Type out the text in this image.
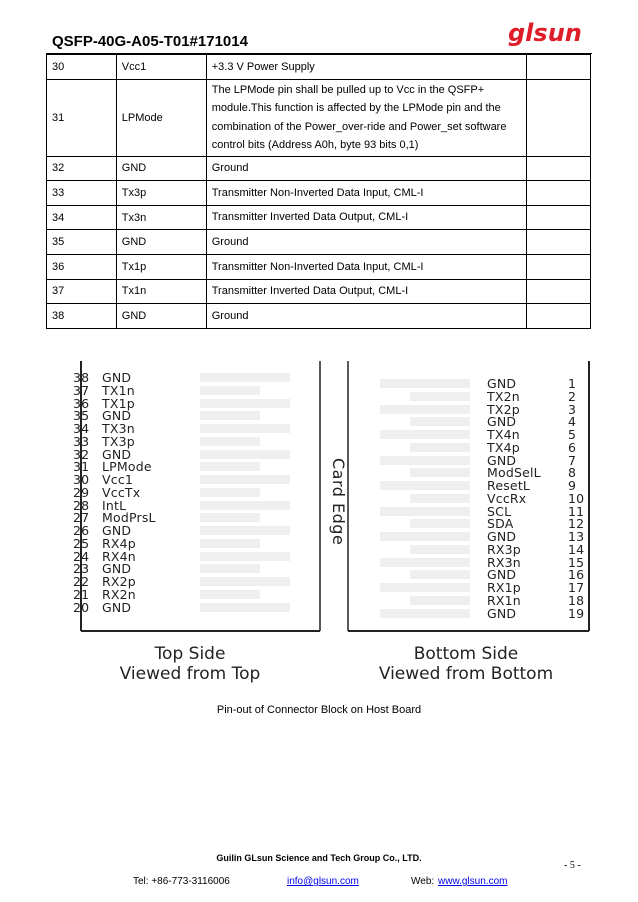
QSFP-40G-A05-T01#171014	glsun
30	Vcc1	+3.3 V Power Supply	
31	LPMode	The LPMode pin shall be pulled up to Vcc in the QSFP+ module.This function is affected by the LPMode pin and the combination of the Power_over-ride and Power_set software control bits (Address A0h, byte 93 bits 0,1)	
32	GND	Ground	
33	Tx3p	Transmitter Non-Inverted Data Input, CML-I	
34	Tx3n	Transmitter Inverted Data Output, CML-I	
35	GND	Ground	
36	Tx1p	Transmitter Non-Inverted Data Input, CML-I	
37	Tx1n	Transmitter Inverted Data Output, CML-I	
38	GND	Ground	
38 GND
37 TX1n
36 TX1p
35 GND
34 TX3n
33 TX3p
32 GND
31 LPMode
30 Vcc1
29 VccTx
28 IntL
27 ModPrsL
26 GND
25 RX4p
24 RX4n
23 GND
22 RX2p
21 RX2n
20 GND
GND	1
TX2n	2
TX2p	3
GND	4
TX4n	5
TX4p	6
GND	7
ModSelL 8
ResetL	9
VccRx	10
SCL	11
SDA	12
GND	13
RX3p	14
RX3n	15
GND	16
RX1p	17
RX1n	18
GND	19
Card Edge
Top Side
Viewed from Top
Bottom Side
Viewed from Bottom
Pin-out of Connector Block on Host Board
Guilin GLsun Science and Tech Group Co., LTD.
- 5 -
Tel: +86-773-3116006	info@glsun.com	Web: www.glsun.com
